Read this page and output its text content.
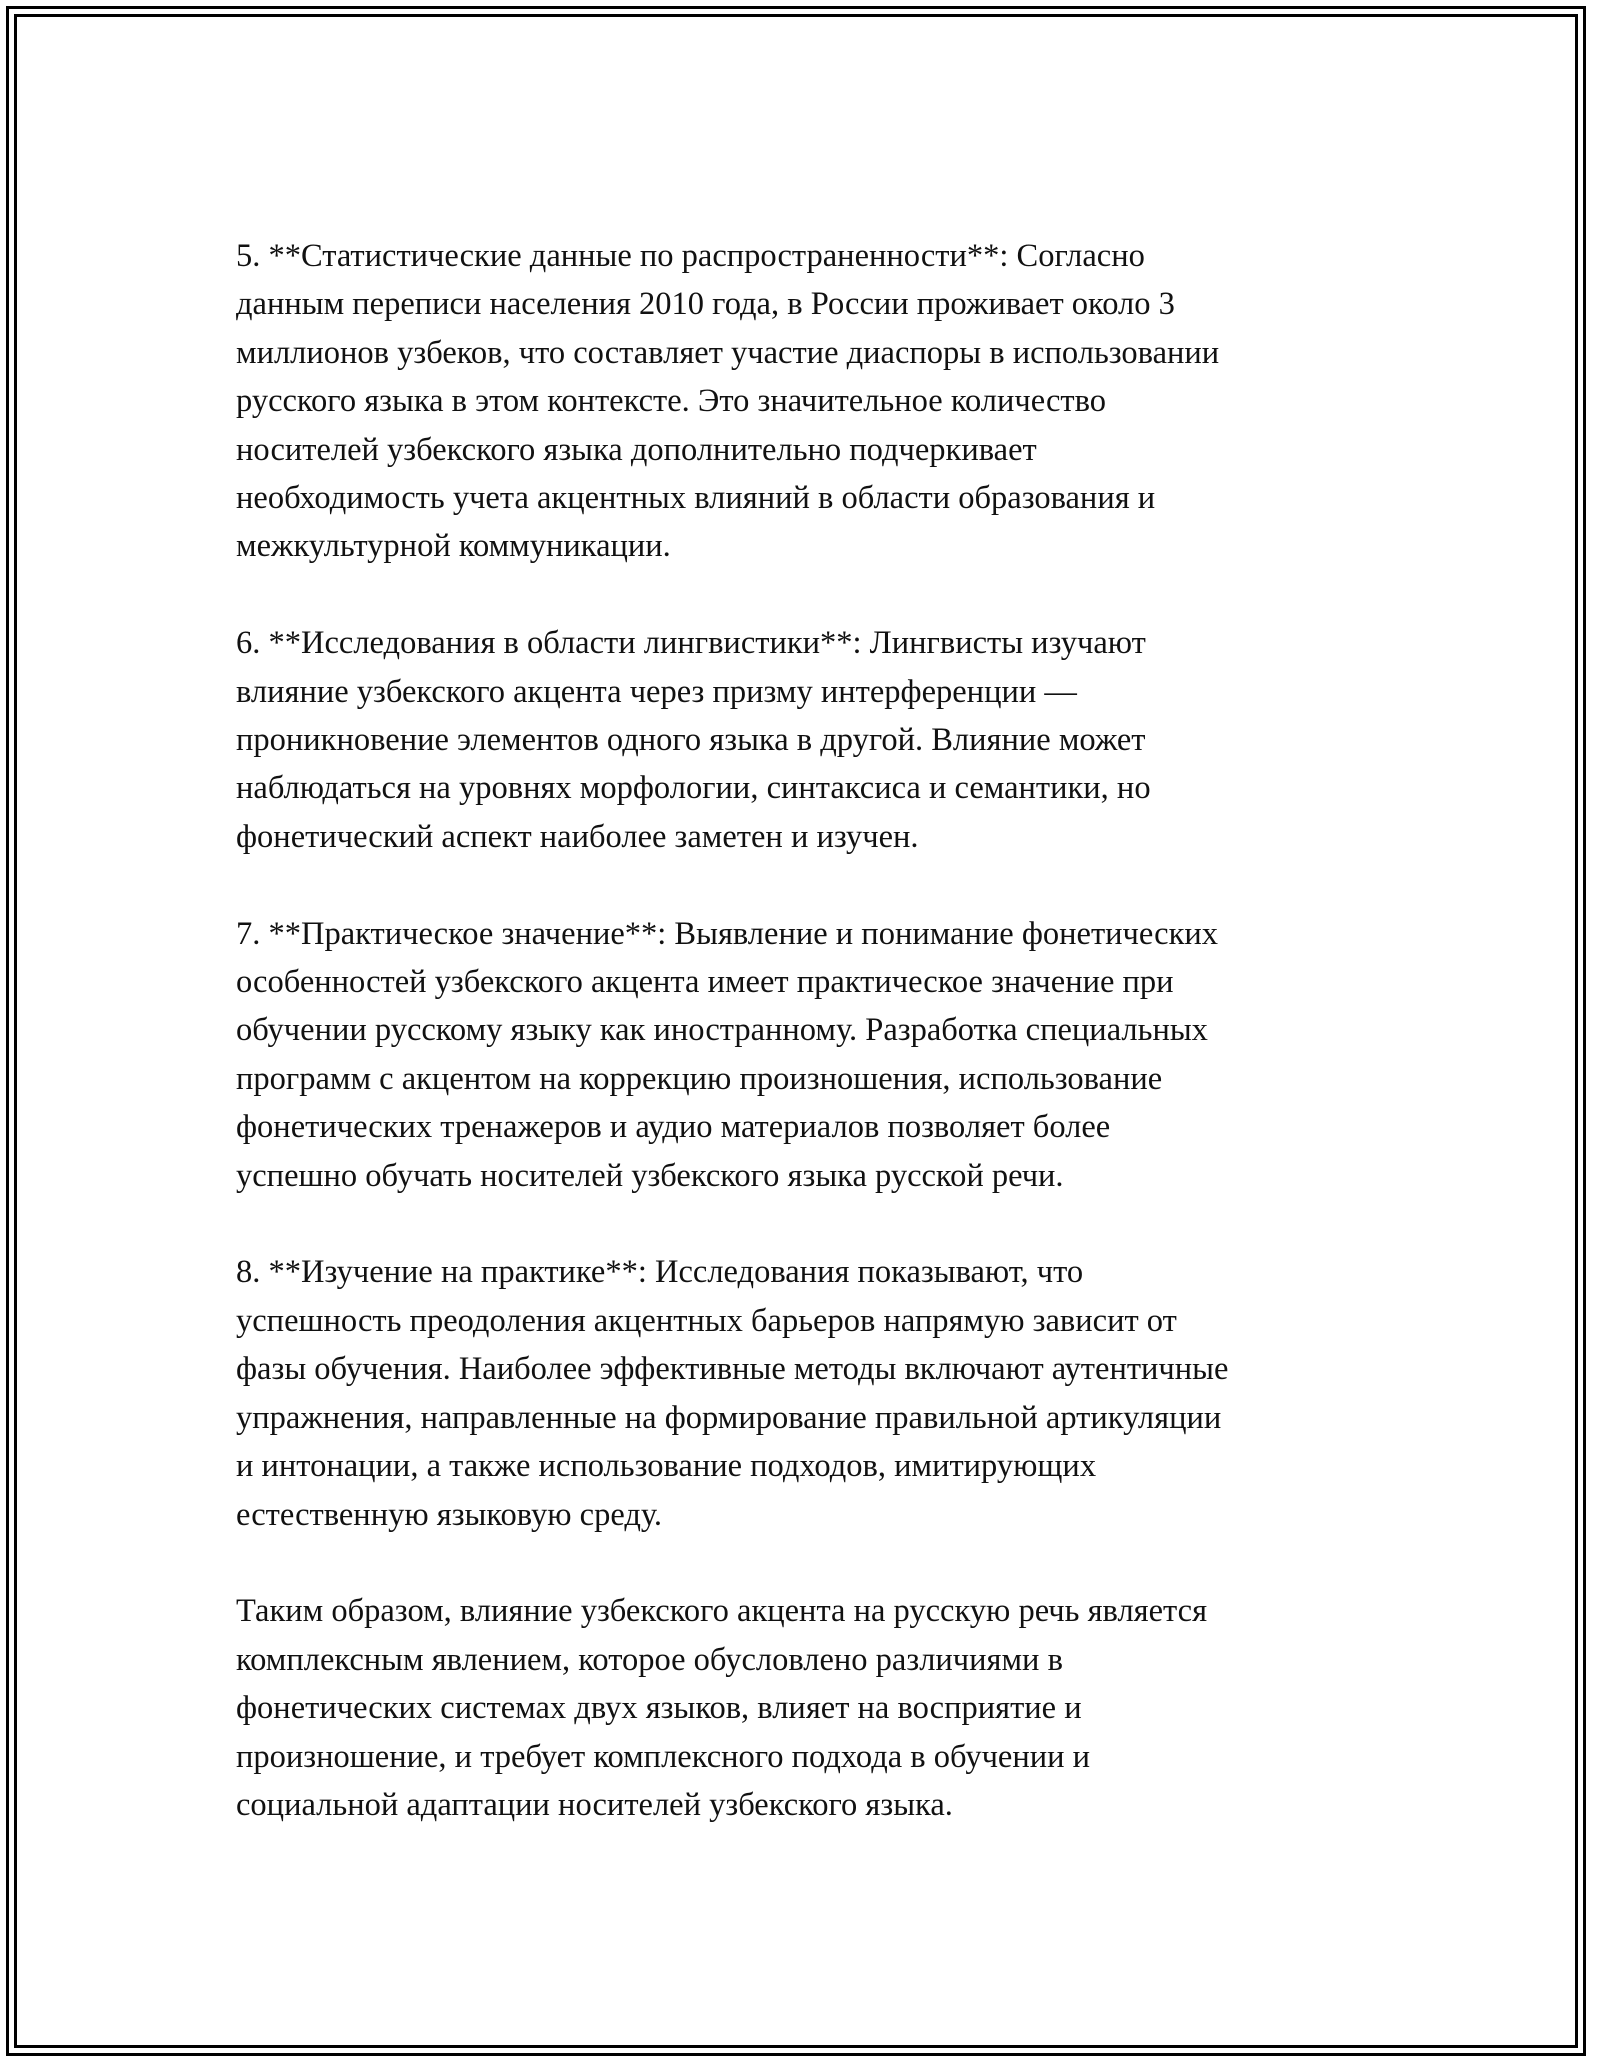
5. **Статистические данные по распространенности**: Согласно
данным переписи населения 2010 года, в России проживает около 3
миллионов узбеков, что составляет участие диаспоры в использовании
русского языка в этом контексте. Это значительное количество
носителей узбекского языка дополнительно подчеркивает
необходимость учета акцентных влияний в области образования и
межкультурной коммуникации.

6. **Исследования в области лингвистики**: Лингвисты изучают
влияние узбекского акцента через призму интерференции —
проникновение элементов одного языка в другой. Влияние может
наблюдаться на уровнях морфологии, синтаксиса и семантики, но
фонетический аспект наиболее заметен и изучен.

7. **Практическое значение**: Выявление и понимание фонетических
особенностей узбекского акцента имеет практическое значение при
обучении русскому языку как иностранному. Разработка специальных
программ с акцентом на коррекцию произношения, использование
фонетических тренажеров и аудио материалов позволяет более
успешно обучать носителей узбекского языка русской речи.

8. **Изучение на практике**: Исследования показывают, что
успешность преодоления акцентных барьеров напрямую зависит от
фазы обучения. Наиболее эффективные методы включают аутентичные
упражнения, направленные на формирование правильной артикуляции
и интонации, а также использование подходов, имитирующих
естественную языковую среду.

Таким образом, влияние узбекского акцента на русскую речь является
комплексным явлением, которое обусловлено различиями в
фонетических системах двух языков, влияет на восприятие и
произношение, и требует комплексного подхода в обучении и
социальной адаптации носителей узбекского языка.
